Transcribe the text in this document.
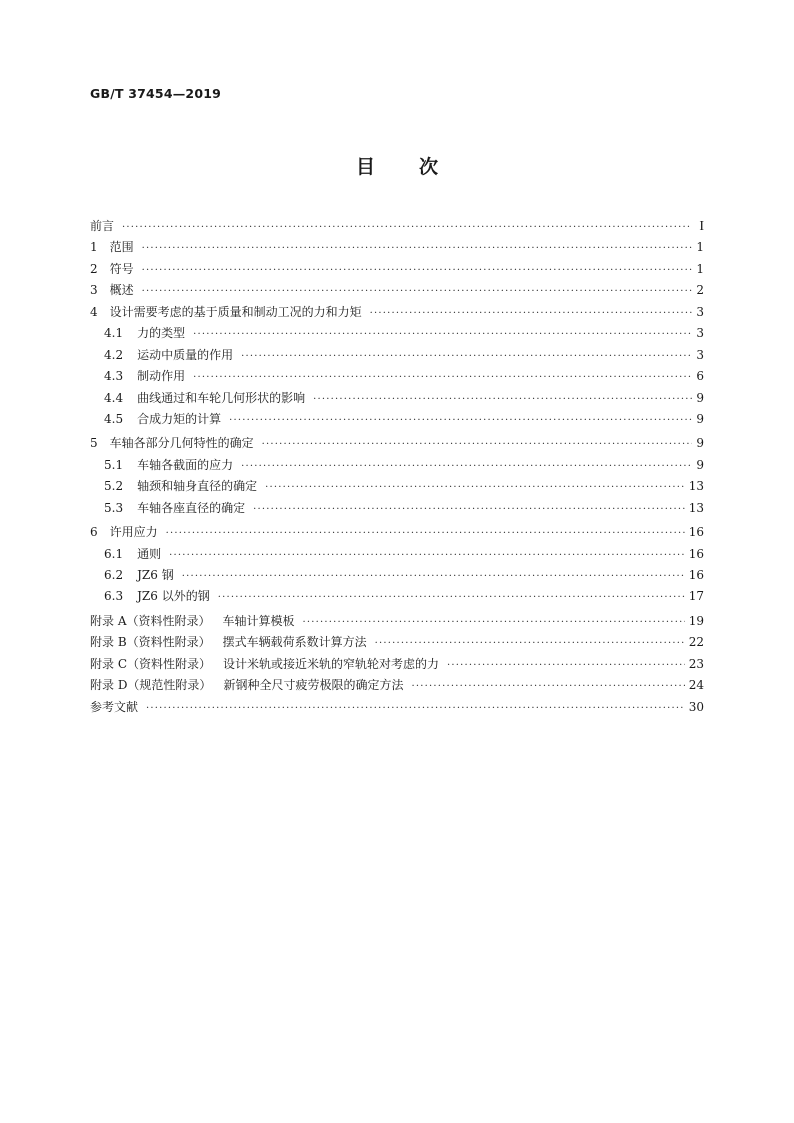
GB/T 37454—2019
目次
前言 ·····	I
1 范围 ·····	1
2 符号 ·····	1
3 概述 ·····	2
4 设计需要考虑的基于质量和制动工况的力和力矩 ·····	3
4.1 力的类型 ·····	3
4.2 运动中质量的作用 ·····	3
4.3 制动作用 ·····	6
4.4 曲线通过和车轮几何形状的影响 ·····	9
4.5 合成力矩的计算 ·····	9
5 车轴各部分几何特性的确定 ·····	9
5.1 车轴各截面的应力 ·····	9
5.2 轴颈和轴身直径的确定 ·····	13
5.3 车轴各座直径的确定 ·····	13
6 许用应力 ·····	16
6.1 通则 ·····	16
6.2 JZ6 钢 ·····	16
6.3 JZ6 以外的钢 ·····	17
附录 A（资料性附录） 车轴计算模板 ·····	19
附录 B（资料性附录） 摆式车辆载荷系数计算方法 ·····	22
附录 C（资料性附录） 设计米轨或接近米轨的窄轨轮对考虑的力 ·····	23
附录 D（规范性附录） 新钢种全尺寸疲劳极限的确定方法 ·····	24
参考文献 ·····	30
